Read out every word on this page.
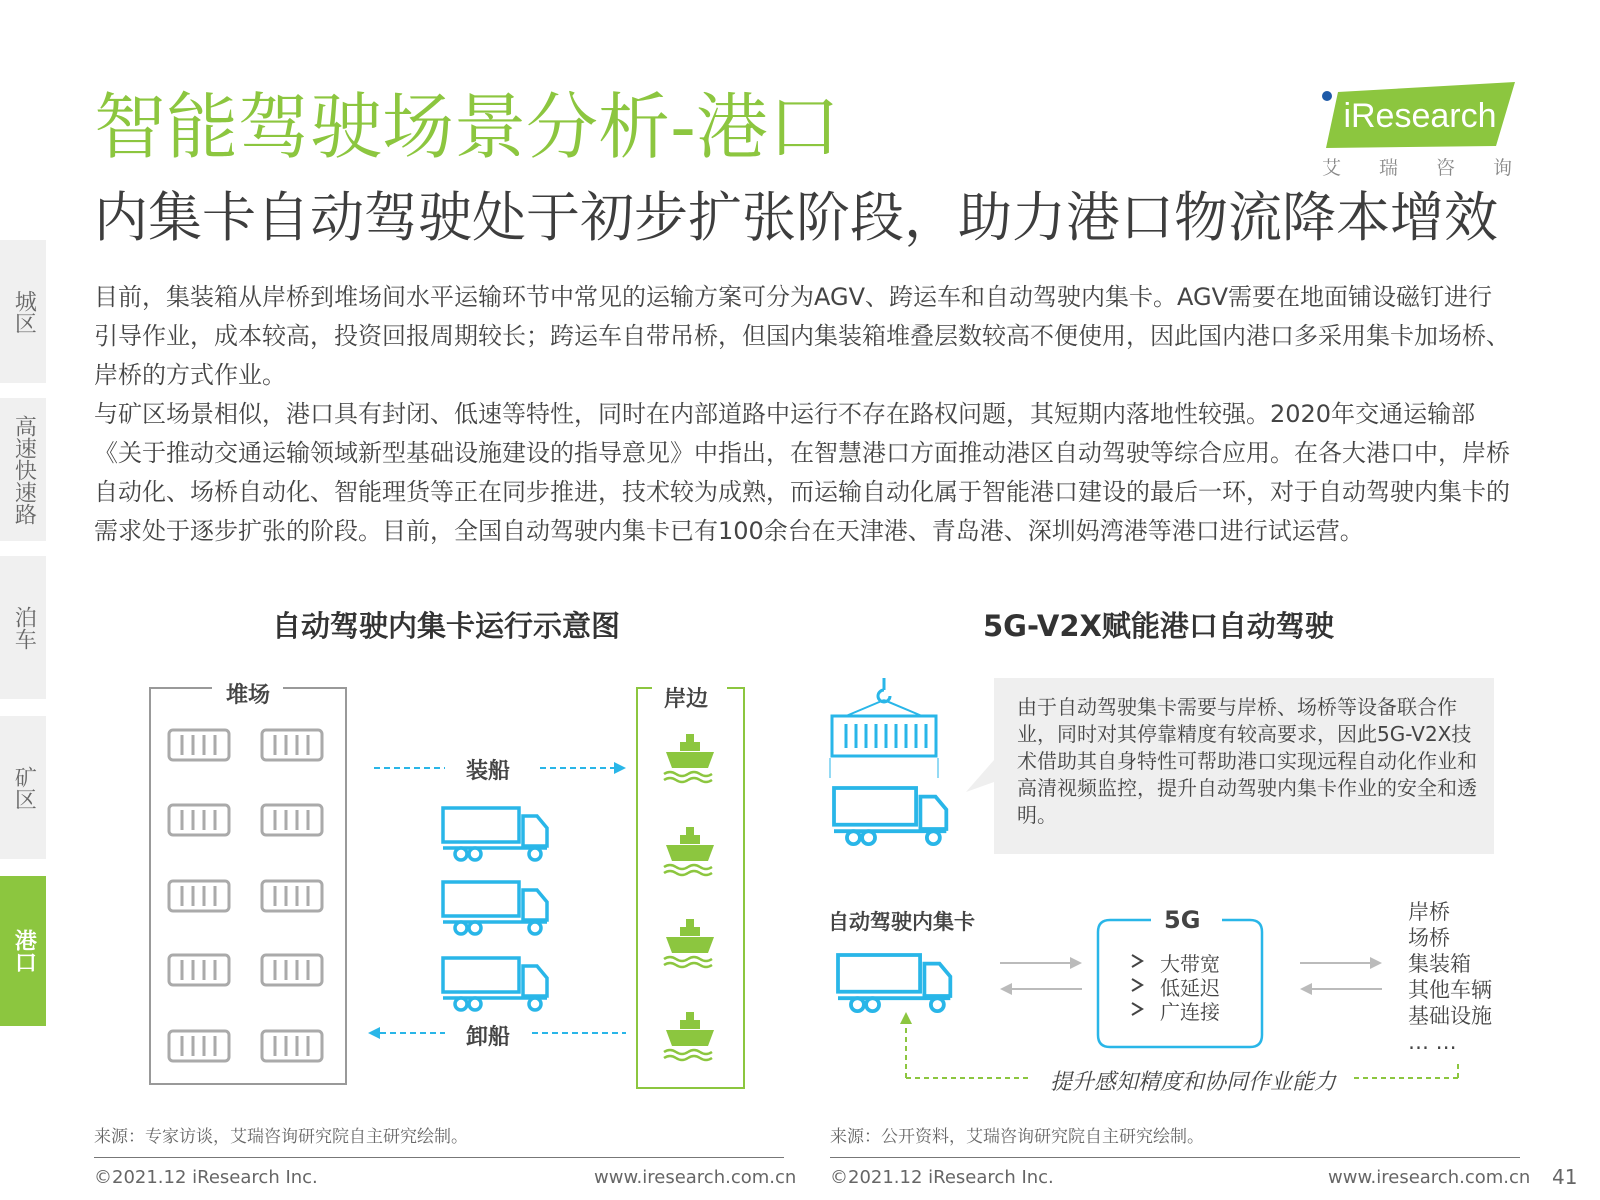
智能驾驶场景分析-港口
内集卡自动驾驶处于初步扩张阶段，助力港口物流降本增效
iResearch
艾 瑞 咨 询
城区
高速快速路
泊车
矿区
港口

目前，集装箱从岸桥到堆场间水平运输环节中常见的运输方案可分为AGV、跨运车和自动驾驶内集卡。AGV需要在地面铺设磁钉进行引导作业，成本较高，投资回报周期较长；跨运车自带吊桥，但国内集装箱堆叠层数较高不便使用，因此国内港口多采用集卡加场桥、岸桥的方式作业。

与矿区场景相似，港口具有封闭、低速等特性，同时在内部道路中运行不存在路权问题，其短期内落地性较强。2020年交通运输部《关于推动交通运输领域新型基础设施建设的指导意见》中指出，在智慧港口方面推动港区自动驾驶等综合应用。在各大港口中，岸桥自动化、场桥自动化、智能理货等正在同步推进，技术较为成熟，而运输自动化属于智能港口建设的最后一环，对于自动驾驶内集卡的需求处于逐步扩张的阶段。目前，全国自动驾驶内集卡已有100余台在天津港、青岛港、深圳妈湾港等港口进行试运营。

自动驾驶内集卡运行示意图	5G-V2X赋能港口自动驾驶
堆场	岸边
装船
卸船
由于自动驾驶集卡需要与岸桥、场桥等设备联合作业，同时对其停靠精度有较高要求，因此5G-V2X技术借助其自身特性可帮助港口实现远程自动化作业和高清视频监控，提升自动驾驶内集卡作业的安全和透明。
自动驾驶内集卡	5G
大带宽
低延迟
广连接
岸桥
场桥
集装箱
其他车辆
基础设施
… …
提升感知精度和协同作业能力
来源：专家访谈，艾瑞咨询研究院自主研究绘制。	来源：公开资料，艾瑞咨询研究院自主研究绘制。
©2021.12 iResearch Inc.	www.iresearch.com.cn ©2021.12 iResearch Inc.	www.iresearch.com.cn 41
